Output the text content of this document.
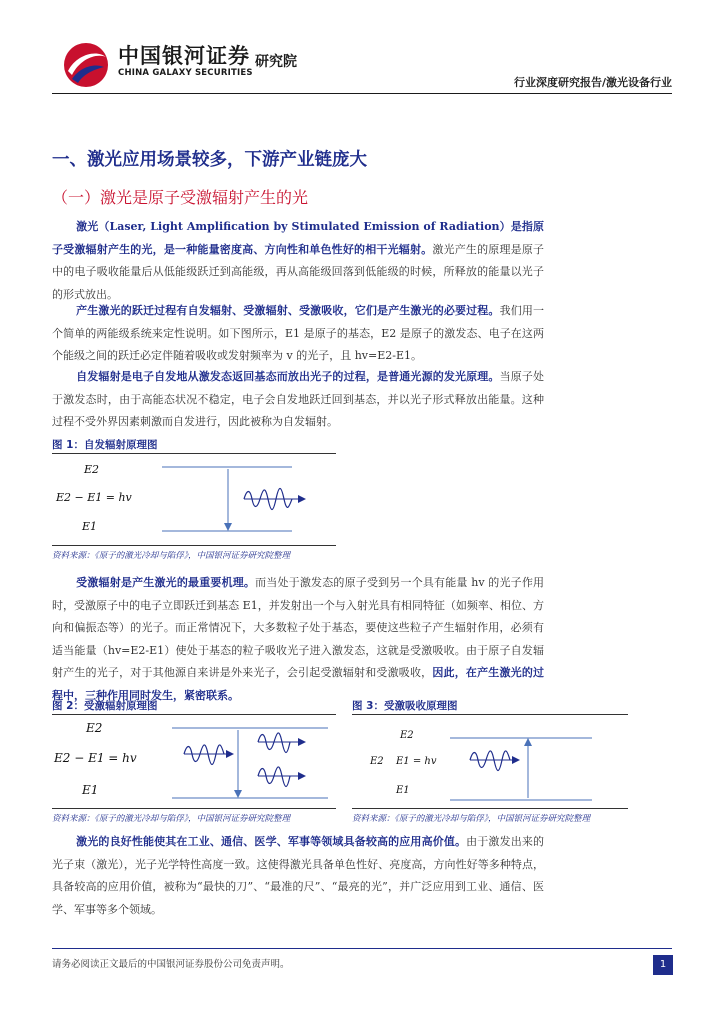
中国银河证券 研究院
CHINA GALAXY SECURITIES
行业深度研究报告/激光设备行业
一、激光应用场景较多，下游产业链庞大
（一）激光是原子受激辐射产生的光
激光（Laser, Light Amplification by Stimulated Emission of Radiation）是指原子受激辐射产生的光，是一种能量密度高、方向性和单色性好的相干光辐射。激光产生的原理是原子中的电子吸收能量后从低能级跃迁到高能级，再从高能级回落到低能级的时候，所释放的能量以光子的形式放出。
产生激光的跃迁过程有自发辐射、受激辐射、受激吸收，它们是产生激光的必要过程。我们用一个简单的两能级系统来定性说明。如下图所示，E1 是原子的基态，E2 是原子的激发态、电子在这两个能级之间的跃迁必定伴随着吸收或发射频率为 v 的光子，且 hv=E2-E1。
自发辐射是电子自发地从激发态返回基态而放出光子的过程，是普通光源的发光原理。当原子处于激发态时，由于高能态状况不稳定，电子会自发地跃迁回到基态，并以光子形式释放出能量。这种过程不受外界因素刺激而自发进行，因此被称为自发辐射。
图 1：自发辐射原理图
E2
E2 − E1 = hv
E1
资料来源：《原子的激光冷却与陷俘》，中国银河证券研究院整理
受激辐射是产生激光的最重要机理。而当处于激发态的原子受到另一个具有能量 hv 的光子作用时，受激原子中的电子立即跃迁到基态 E1，并发射出一个与入射光具有相同特征（如频率、相位、方向和偏振态等）的光子。而正常情况下，大多数粒子处于基态，要使这些粒子产生辐射作用，必须有适当能量（hv=E2-E1）使处于基态的粒子吸收光子进入激发态，这就是受激吸收。由于原子自发辐射产生的光子，对于其他源自来讲是外来光子，会引起受激辐射和受激吸收，因此，在产生激光的过程中，三种作用同时发生，紧密联系。
图 2：受激辐射原理图
E2
E2 − E1 = hv
E1
资料来源：《原子的激光冷却与陷俘》，中国银河证券研究院整理
图 3：受激吸收原理图
E2
E2 E1 = hv
E1
资料来源：《原子的激光冷却与陷俘》，中国银河证券研究院整理
激光的良好性能使其在工业、通信、医学、军事等领域具备较高的应用高价值。由于激发出来的光子束（激光），光子光学特性高度一致。这使得激光具备单色性好、亮度高，方向性好等多种特点，具备较高的应用价值，被称为“最快的刀”、“最准的尺”、“最亮的光”，并广泛应用到工业、通信、医学、军事等多个领域。
请务必阅读正文最后的中国银河证券股份公司免责声明。	1
